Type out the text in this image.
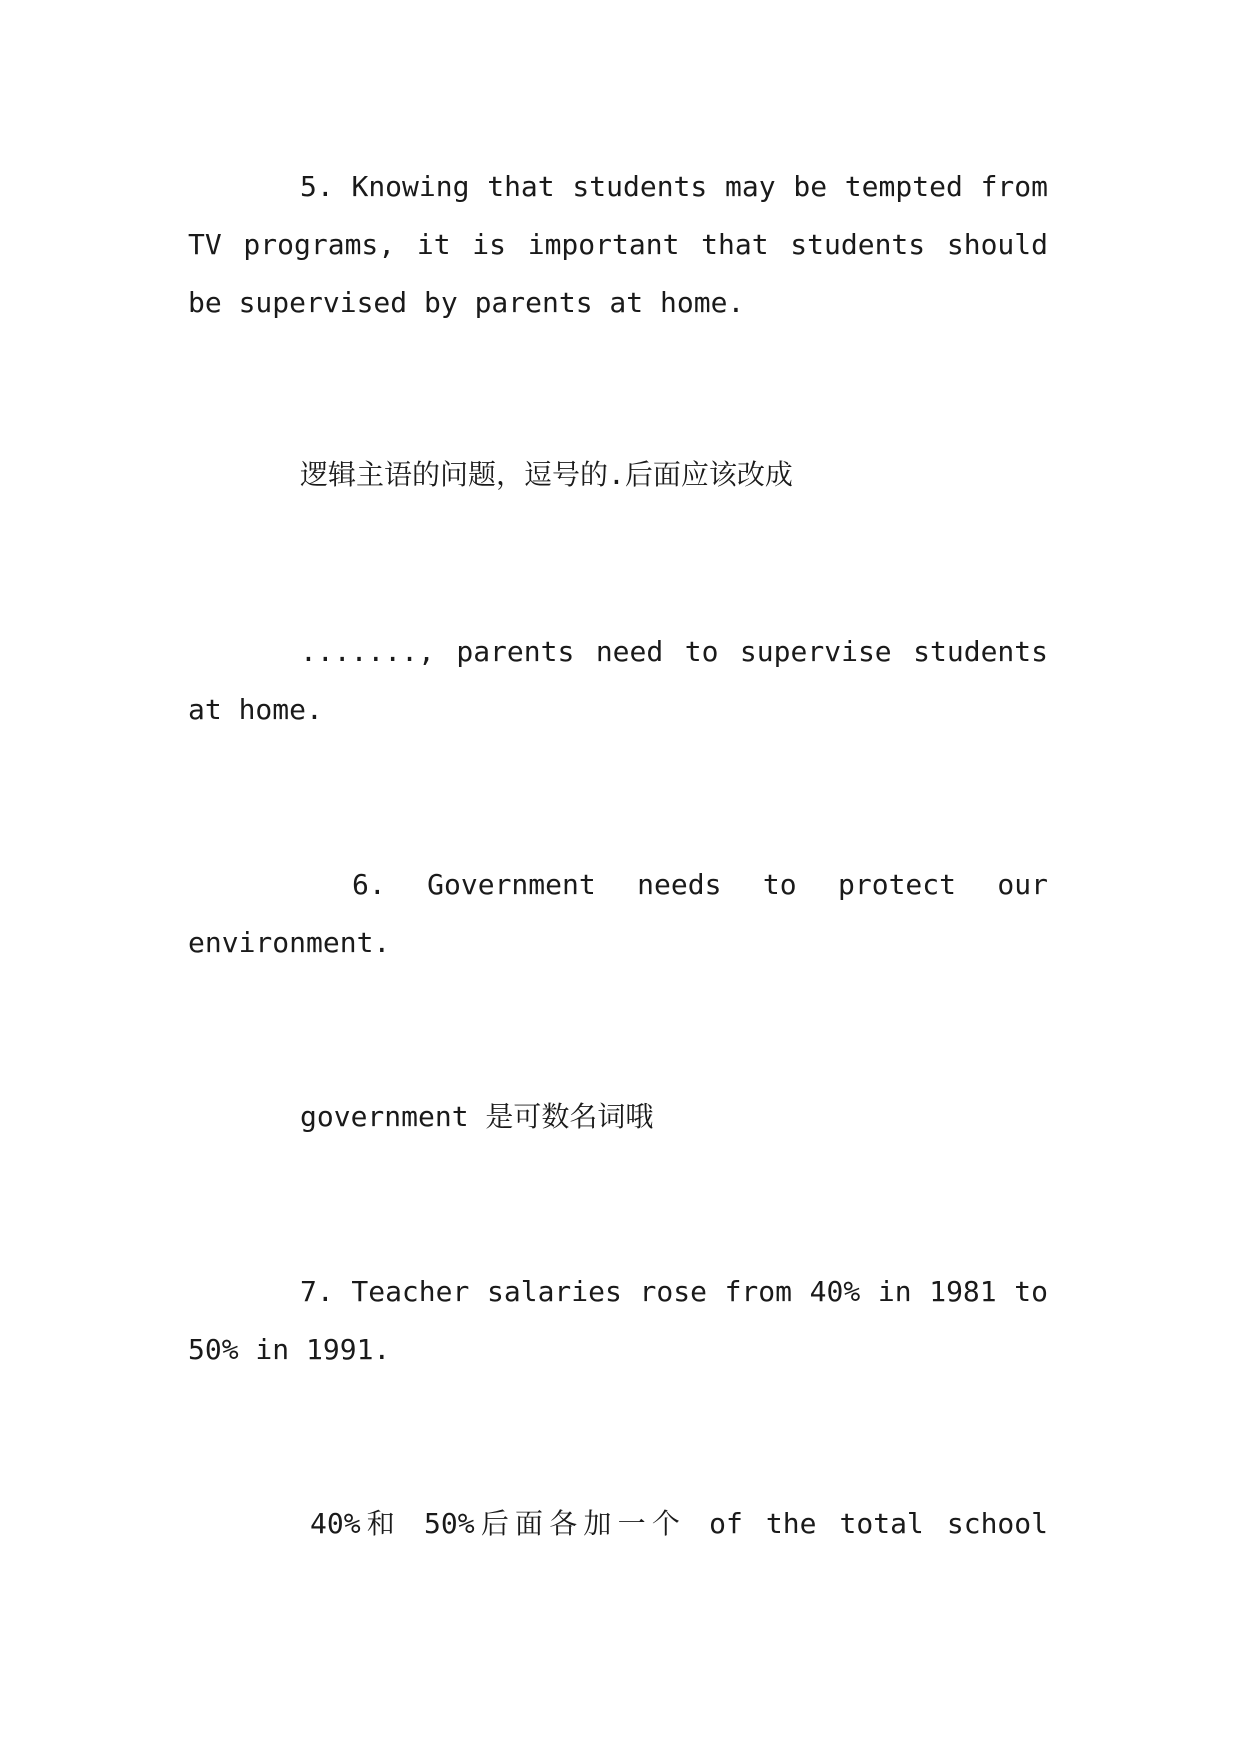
5. Knowing that students may be tempted from TV programs, it is important that students should be supervised by parents at home.

逻辑主语的问题，逗号的.后面应该改成

......., parents need to supervise students at home.

6. Government needs to protect our environment.

government 是可数名词哦

7. Teacher salaries rose from 40% in 1981 to 50% in 1991.

40%和 50%后面各加一个 of the total school
